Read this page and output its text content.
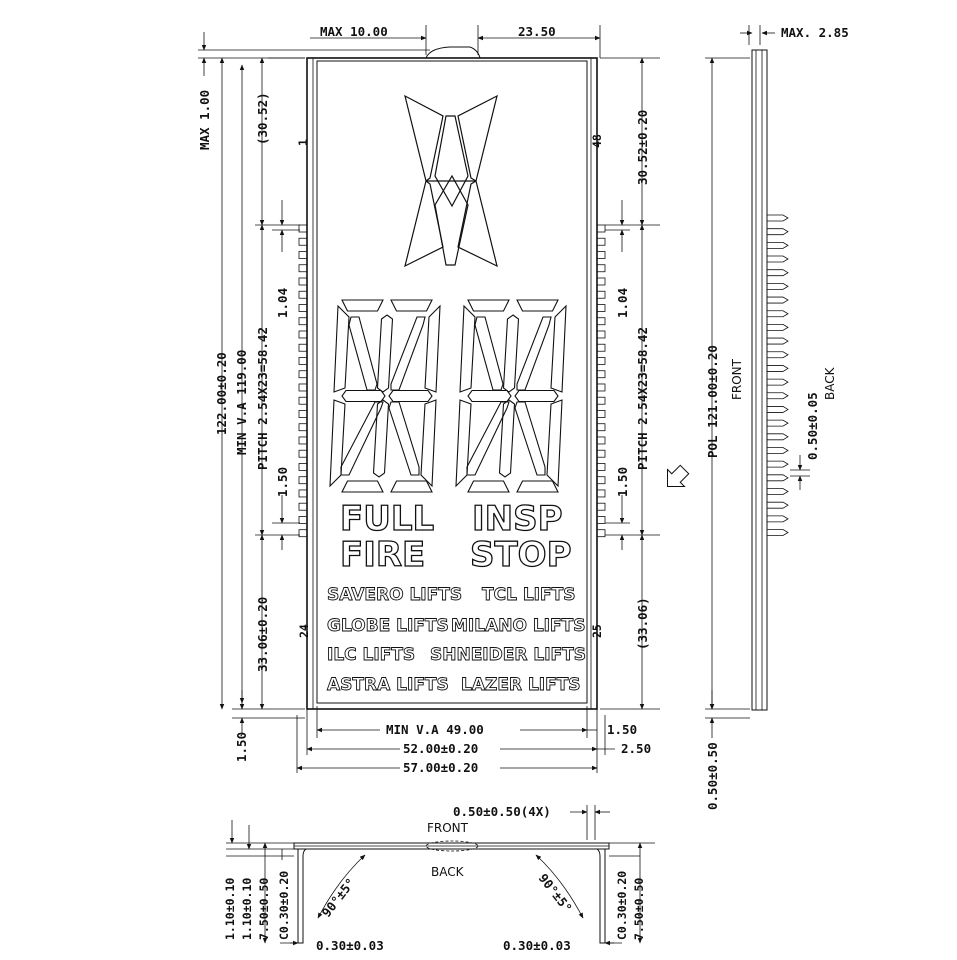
1	48
24	25
FULL
FIRE
INSP
STOP
SAVERO LIFTS TCL LIFTS
GLOBE LIFTS MILANO LIFTS
ILC LIFTS SHNEIDER LIFTS
ASTRA LIFTS LAZER LIFTS
MAX 10.00	23.50
MAX 1.00
122.00±0.20 MIN V.A 119.00
(30.52)
PITCH 2.54X23=58.42
1.04
1.50
33.06±0.20
1.50
30.52±0.20
PITCH 2.54X23=58.42
1.04
1.50
(33.06)
MIN V.A 49.00	1.50
52.00±0.20	2.50
57.00±0.20
MAX. 2.85
POL 121.00±0.20 FRONT	BACK
0.50±0.50
0.50±0.05
FRONT
BACK
0.50±0.50(4X)
90°±5°	90°±5°
1.10±0.10 1.10±0.10 7.50±0.50 C0.30±0.20	C0.30±0.20 7.50±0.50
0.30±0.03	0.30±0.03
